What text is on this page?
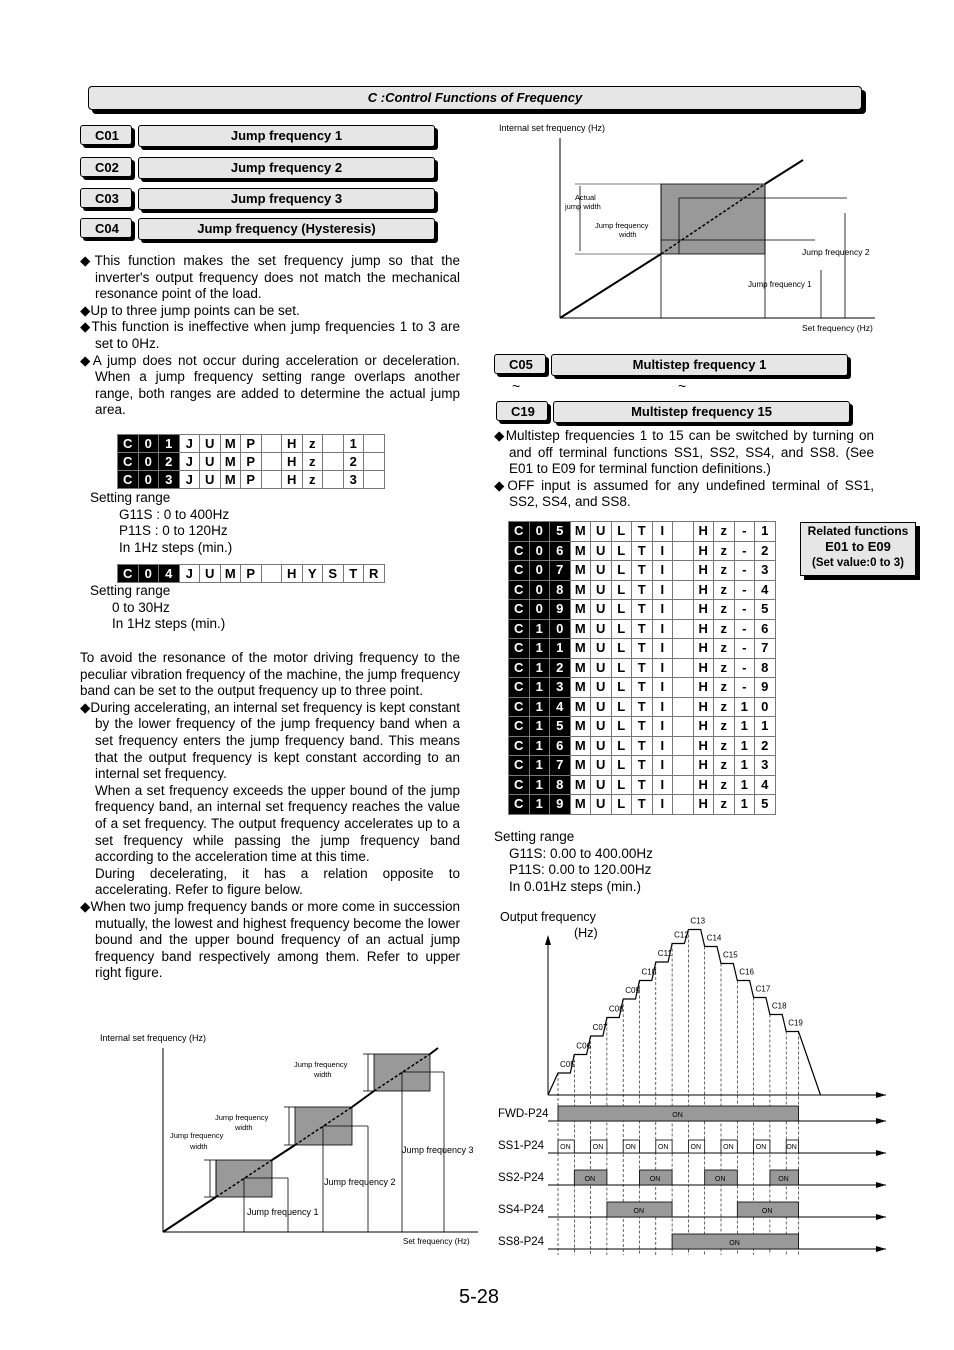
C :Control Functions of Frequency
C01	Jump frequency 1
C02	Jump frequency 2
C03	Jump frequency 3
C04	Jump frequency (Hysteresis)

◆This function makes the set frequency jump so that the inverter's output frequency does not match the mechanical resonance point of the load.

◆Up to three jump points can be set.

◆This function is ineffective when jump frequencies 1 to 3 are set to 0Hz.

◆A jump does not occur during acceleration or deceleration. When a jump frequency setting range overlaps another range, both ranges are added to determine the actual jump area.

C	0	1	J	U	M	P		H	z		1	
C	0	2	J	U	M	P		H	z		2	
C	0	3	J	U	M	P		H	z		3	
Setting range
G11S : 0 to 400Hz
P11S : 0 to 120Hz
In 1Hz steps (min.)
C	0	4	J	U	M	P		H	Y	S	T	R
Setting range
0 to 30Hz
In 1Hz steps (min.)

To avoid the resonance of the motor driving frequency to the peculiar vibration frequency of the machine, the jump frequency band can be set to the output frequency up to three point.

◆During accelerating, an internal set frequency is kept constant by the lower frequency of the jump frequency band when a set frequency enters the jump frequency band. This means that the output frequency is kept constant according to an internal set frequency.

When a set frequency exceeds the upper bound of the jump frequency band, an internal set frequency reaches the value of a set frequency. The output frequency accelerates up to a set frequency while passing the jump frequency band according to the acceleration time at this time.

During decelerating, it has a relation opposite to accelerating. Refer to figure below.

◆When two jump frequency bands or more come in succession mutually, the lowest and highest frequency become the lower bound and the upper bound frequency of an actual jump frequency band respectively among them. Refer to upper right figure.

Internal set frequency (Hz)
Actual
jump width
Jump frequency
width
Jump frequency 2
Jump frequency 1
Set frequency (Hz)
C05	Multistep frequency 1
~	~
C19	Multistep frequency 15

◆Multistep frequencies 1 to 15 can be switched by turning on and off terminal functions SS1, SS2, SS4, and SS8. (See E01 to E09 for terminal function definitions.)

◆OFF input is assumed for any undefined terminal of SS1, SS2, SS4, and SS8.

C	0	5	M	U	L	T	I		H	z	-	1
C	0	6	M	U	L	T	I		H	z	-	2
C	0	7	M	U	L	T	I		H	z	-	3
C	0	8	M	U	L	T	I		H	z	-	4
C	0	9	M	U	L	T	I		H	z	-	5
C	1	0	M	U	L	T	I		H	z	-	6
C	1	1	M	U	L	T	I		H	z	-	7
C	1	2	M	U	L	T	I		H	z	-	8
C	1	3	M	U	L	T	I		H	z	-	9
C	1	4	M	U	L	T	I		H	z	1	0
C	1	5	M	U	L	T	I		H	z	1	1
C	1	6	M	U	L	T	I		H	z	1	2
C	1	7	M	U	L	T	I		H	z	1	3
C	1	8	M	U	L	T	I		H	z	1	4
C	1	9	M	U	L	T	I		H	z	1	5
Related functions
E01 to E09
(Set value:0 to 3)
Setting range
G11S: 0.00 to 400.00Hz
P11S: 0.00 to 120.00Hz
In 0.01Hz steps (min.)
Output frequency
(Hz)
C05
C06
C07
C08
C09
C10
C11
C12
C13
C14
C15
C16
C17
C18
C19
FWD-P24	ON
SS1-P24 ON	ON	ON	ON	ON	ON	ON	ON
SS2-P24	ON	ON	ON	ON
SS4-P24	ON	ON
SS8-P24	ON
Internal set frequency (Hz)
Jump frequency
width
Jump frequency
width
Jump frequency
width	Jump frequency 3
Jump frequency 2
Jump frequency 1
Set frequency (Hz)
5-28
